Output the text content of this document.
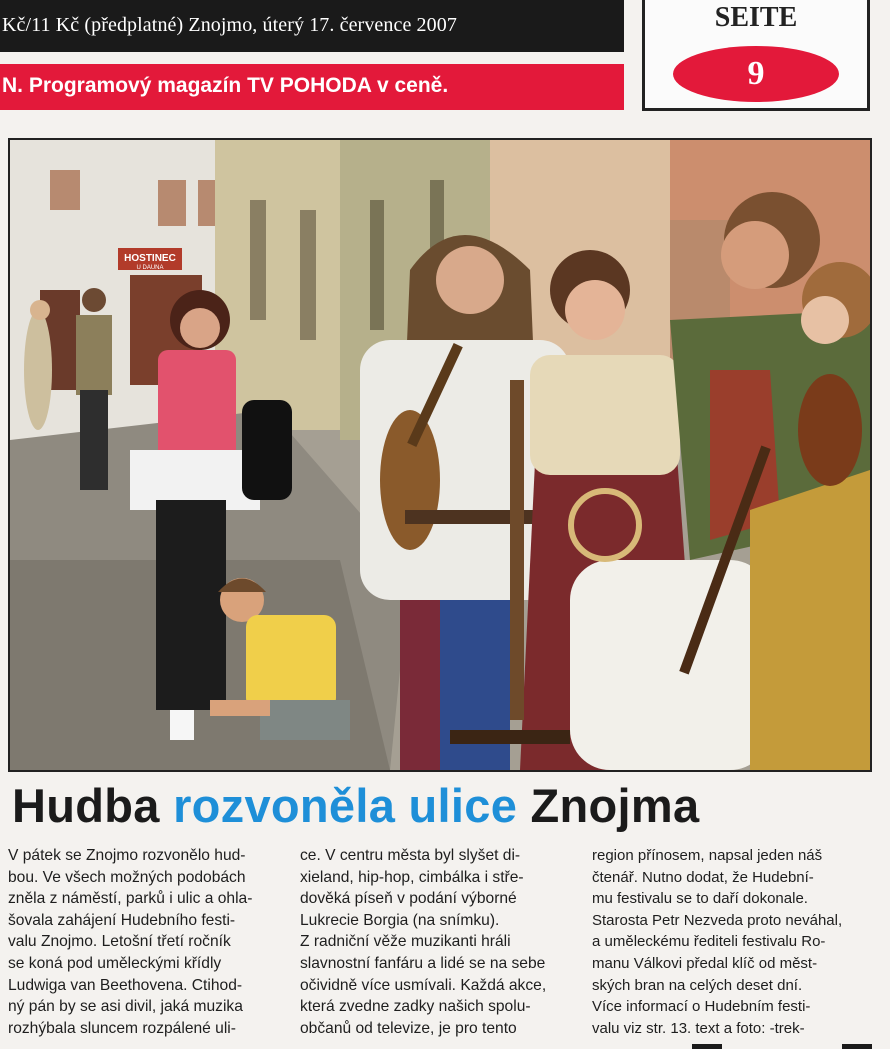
Kč/11 Kč (předplatné) Znojmo, úterý 17. července 2007
N. Programový magazín TV POHODA v ceně.
SEITE
9
HOSTINEC
U DAUNA
Hudba rozvoněla ulice Znojma
V pátek se Znojmo rozvonělo hud-
bou. Ve všech možných podobách
zněla z náměstí, parků i ulic a ohla-
šovala zahájení Hudebního festi-
valu Znojmo. Letošní třetí ročník
se koná pod uměleckými křídly
Ludwiga van Beethovena. Ctihod-
ný pán by se asi divil, jaká muzika
rozhýbala sluncem rozpálené uli-
ce. V centru města byl slyšet di-
xieland, hip-hop, cimbálka i stře-
dověká píseň v podání výborné
Lukrecie Borgia (na snímku).
Z radniční věže muzikanti hráli
slavnostní fanfáru a lidé se na sebe
očividně více usmívali. Každá akce,
která zvedne zadky našich spolu-
občanů od televize, je pro tento
region přínosem, napsal jeden náš
čtenář. Nutno dodat, že Hudební-
mu festivalu se to daří dokonale.
Starosta Petr Nezveda proto neváhal,
a uměleckému řediteli festivalu Ro-
manu Válkovi předal klíč od měst-
ských bran na celých deset dní.
Více informací o Hudebním festi-
valu viz str. 13. text a foto: -trek-
